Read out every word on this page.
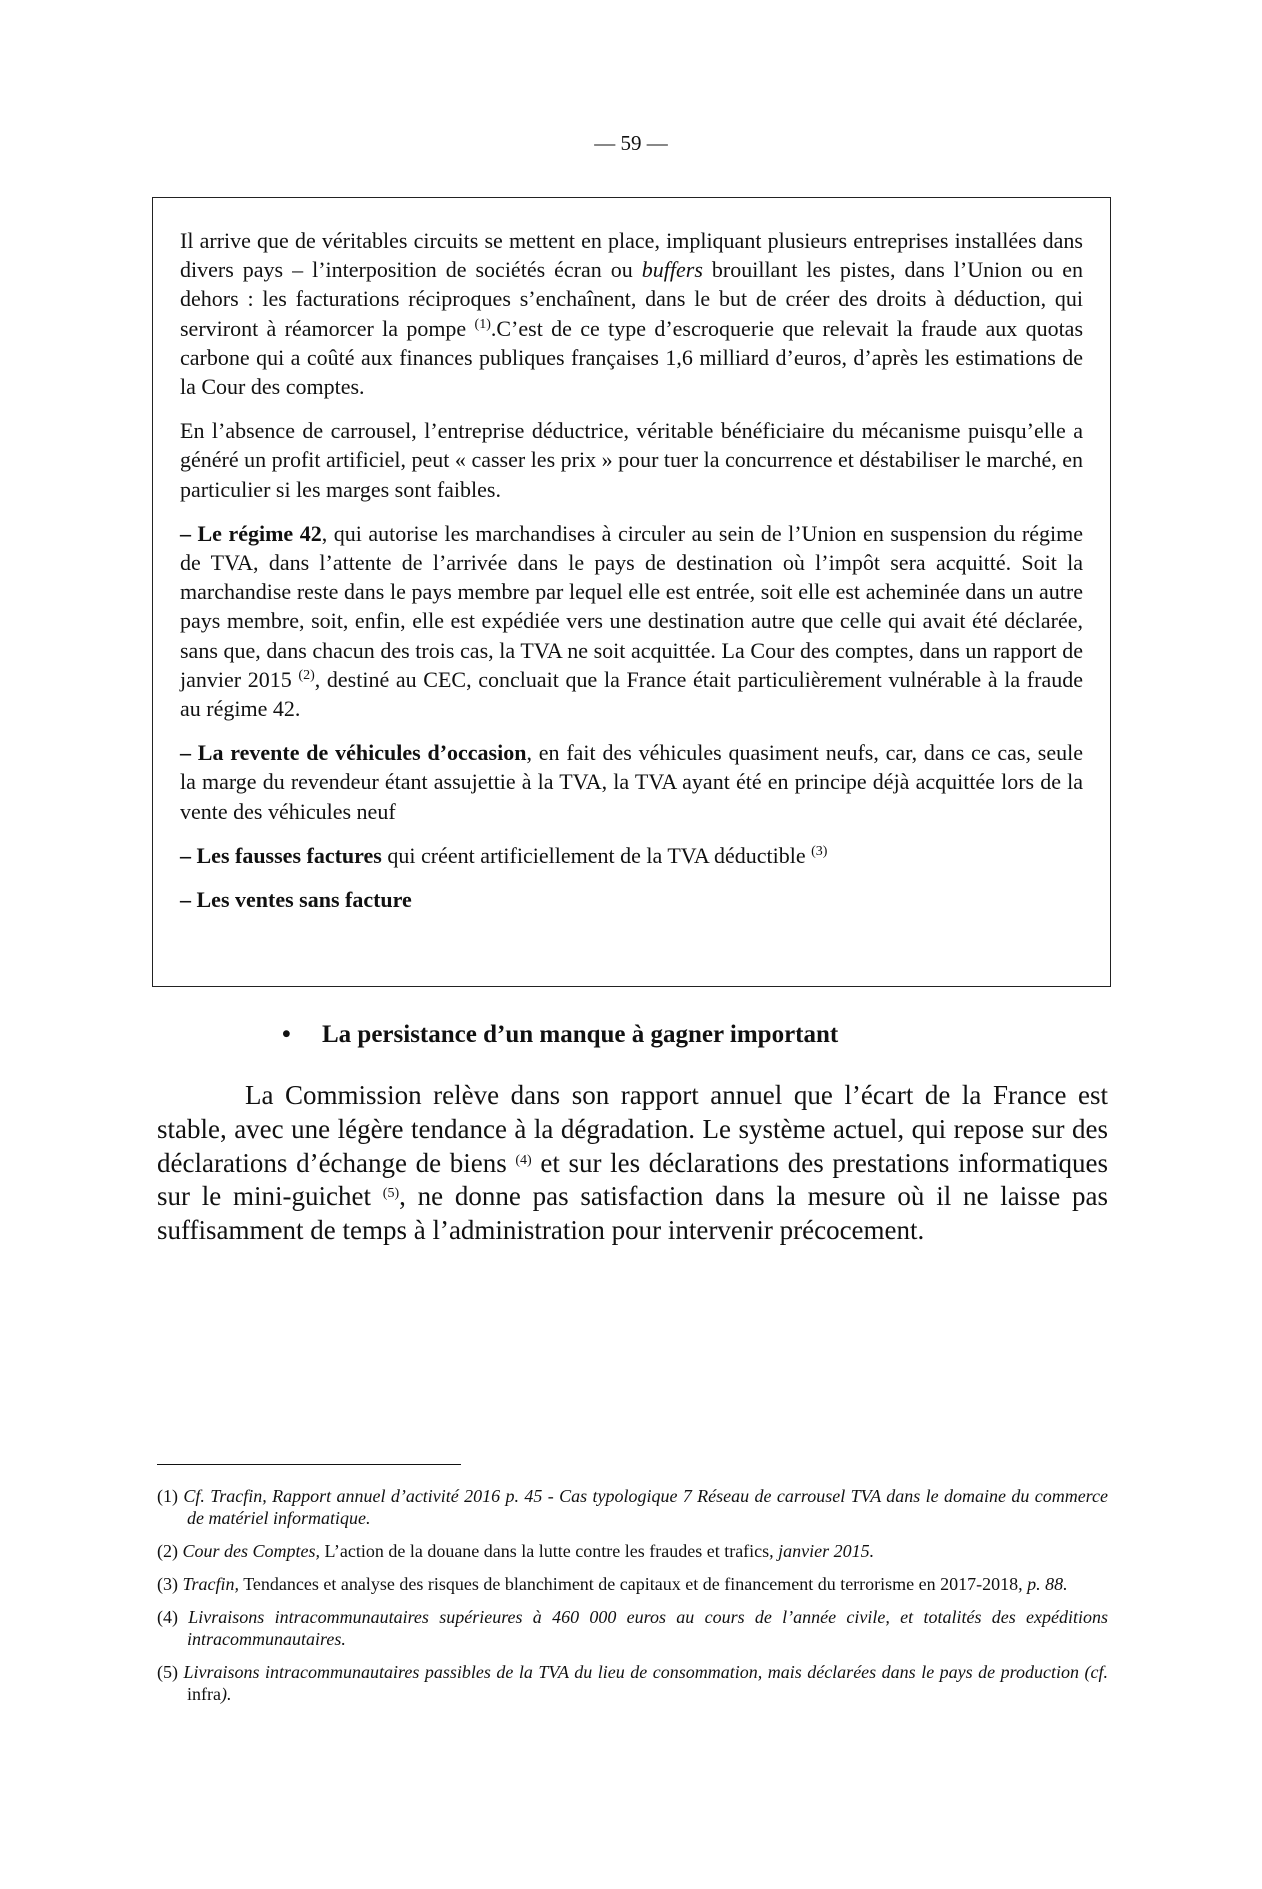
— 59 —

Il arrive que de véritables circuits se mettent en place, impliquant plusieurs entreprises installées dans divers pays – l’interposition de sociétés écran ou buffers brouillant les pistes, dans l’Union ou en dehors : les facturations réciproques s’enchaînent, dans le but de créer des droits à déduction, qui serviront à réamorcer la pompe $^{(1)}$.C’est de ce type d’escroquerie que relevait la fraude aux quotas carbone qui a coûté aux finances publiques françaises 1,6 milliard d’euros, d’après les estimations de la Cour des comptes.

En l’absence de carrousel, l’entreprise déductrice, véritable bénéficiaire du mécanisme puisqu’elle a généré un profit artificiel, peut « casser les prix » pour tuer la concurrence et déstabiliser le marché, en particulier si les marges sont faibles.

– Le régime 42, qui autorise les marchandises à circuler au sein de l’Union en suspension du régime de TVA, dans l’attente de l’arrivée dans le pays de destination où l’impôt sera acquitté. Soit la marchandise reste dans le pays membre par lequel elle est entrée, soit elle est acheminée dans un autre pays membre, soit, enfin, elle est expédiée vers une destination autre que celle qui avait été déclarée, sans que, dans chacun des trois cas, la TVA ne soit acquittée. La Cour des comptes, dans un rapport de janvier 2015 $^{(2)}$, destiné au CEC, concluait que la France était particulièrement vulnérable à la fraude au régime 42.

– La revente de véhicules d’occasion, en fait des véhicules quasiment neufs, car, dans ce cas, seule la marge du revendeur étant assujettie à la TVA, la TVA ayant été en principe déjà acquittée lors de la vente des véhicules neuf

– Les fausses factures qui créent artificiellement de la TVA déductible $^{(3)}$

– Les ventes sans facture

• La persistance d’un manque à gagner important

La Commission relève dans son rapport annuel que l’écart de la France est stable, avec une légère tendance à la dégradation. Le système actuel, qui repose sur des déclarations d’échange de biens $^{(4)}$ et sur les déclarations des prestations informatiques sur le mini-guichet $^{(5)}$, ne donne pas satisfaction dans la mesure où il ne laisse pas suffisamment de temps à l’administration pour intervenir précocement.

(1) Cf. Tracfin, Rapport annuel d’activité 2016 p. 45 - Cas typologique 7 Réseau de carrousel TVA dans le domaine du commerce de matériel informatique.

(2) Cour des Comptes, L’action de la douane dans la lutte contre les fraudes et trafics, janvier 2015.

(3) Tracfin, Tendances et analyse des risques de blanchiment de capitaux et de financement du terrorisme en 2017-2018, p. 88.

(4) Livraisons intracommunautaires supérieures à 460 000 euros au cours de l’année civile, et totalités des expéditions intracommunautaires.

(5) Livraisons intracommunautaires passibles de la TVA du lieu de consommation, mais déclarées dans le pays de production (cf. infra).
